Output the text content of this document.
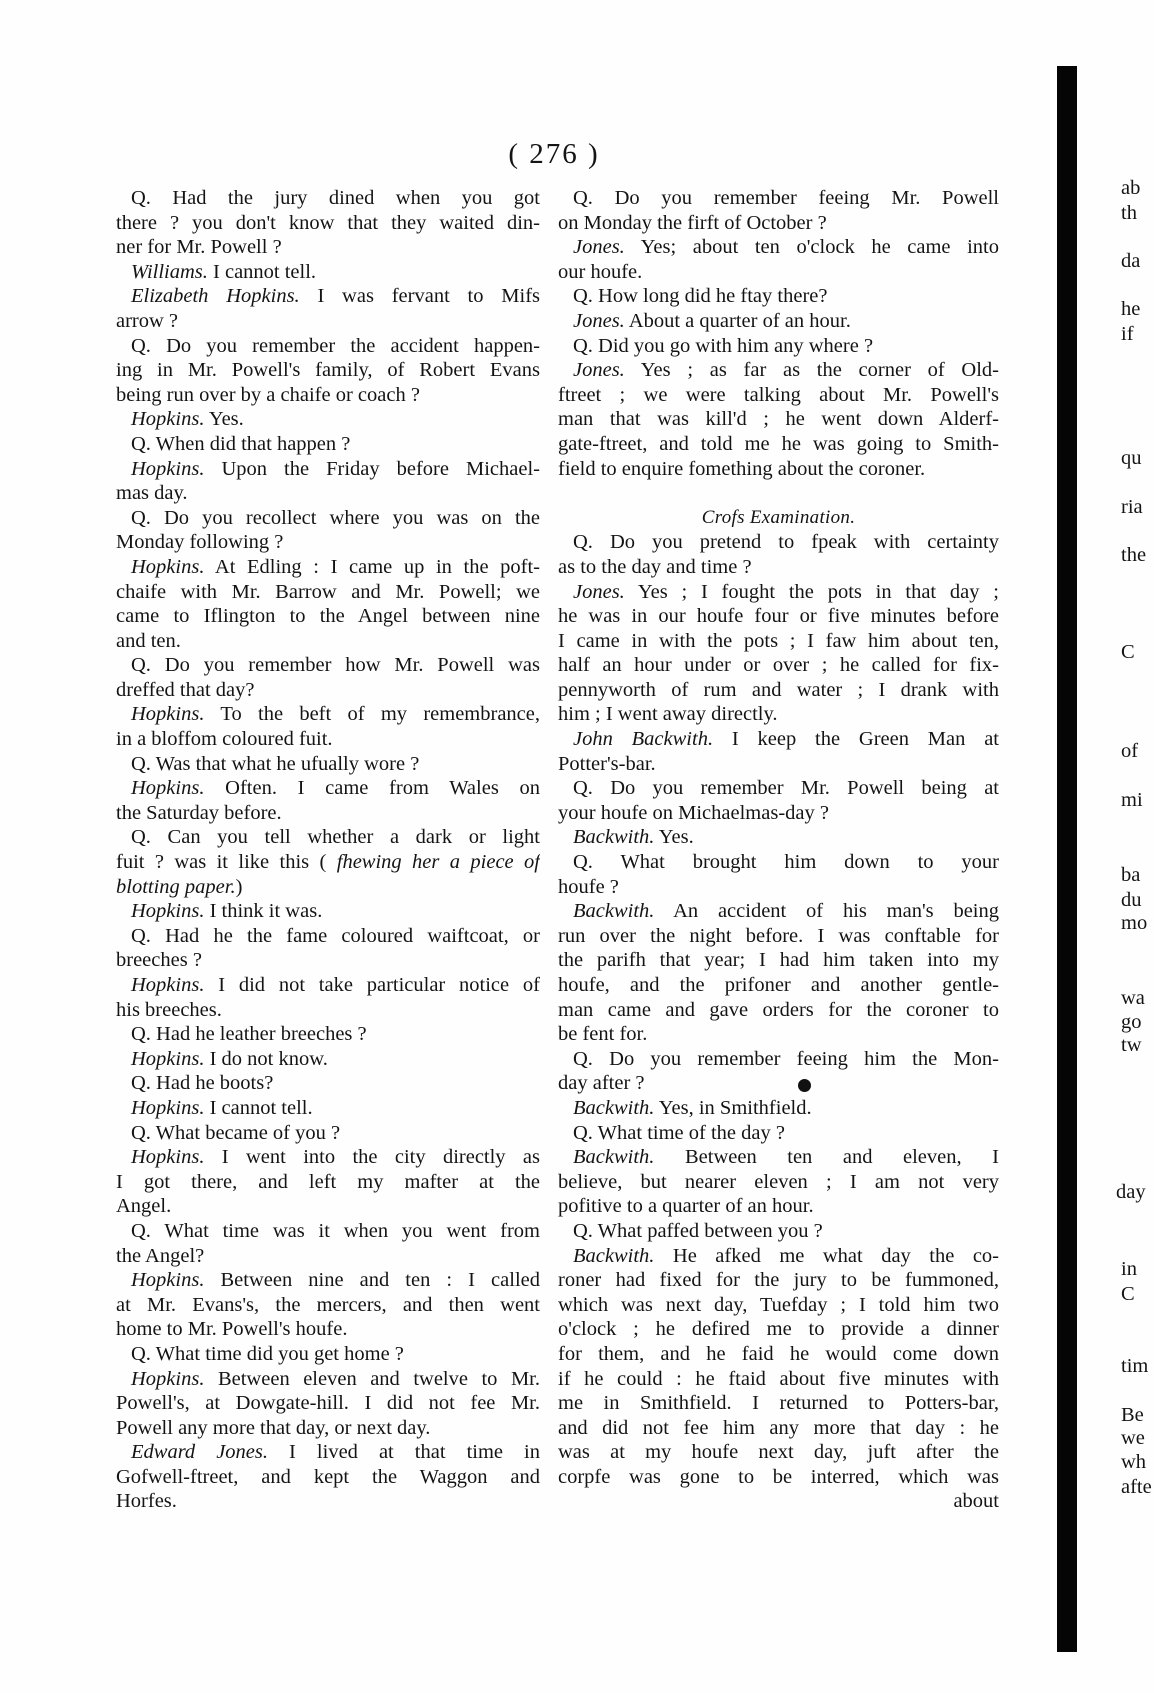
( 276 )
Q. Had the jury dined when you got
there ? you don't know that they waited din-
ner for Mr. Powell ?
Williams. I cannot tell.
Elizabeth Hopkins. I was fervant to Mifs
arrow ?
Q. Do you remember the accident happen-
ing in Mr. Powell's family, of Robert Evans
being run over by a chaife or coach ?
Hopkins. Yes.
Q. When did that happen ?
Hopkins. Upon the Friday before Michael-
mas day.
Q. Do you recollect where you was on the
Monday following ?
Hopkins. At Edling : I came up in the poft-
chaife with Mr. Barrow and Mr. Powell; we
came to Iflington to the Angel between nine
and ten.
Q. Do you remember how Mr. Powell was
dreffed that day?
Hopkins. To the beft of my remembrance,
in a bloffom coloured fuit.
Q. Was that what he ufually wore ?
Hopkins. Often. I came from Wales on
the Saturday before.
Q. Can you tell whether a dark or light
fuit ? was it like this ( fhewing her a piece of
blotting paper.)
Hopkins. I think it was.
Q. Had he the fame coloured waiftcoat, or
breeches ?
Hopkins. I did not take particular notice of
his breeches.
Q. Had he leather breeches ?
Hopkins. I do not know.
Q. Had he boots?
Hopkins. I cannot tell.
Q. What became of you ?
Hopkins. I went into the city directly as
I got there, and left my mafter at the
Angel.
Q. What time was it when you went from
the Angel?
Hopkins. Between nine and ten : I called
at Mr. Evans's, the mercers, and then went
home to Mr. Powell's houfe.
Q. What time did you get home ?
Hopkins. Between eleven and twelve to Mr.
Powell's, at Dowgate-hill. I did not fee Mr.
Powell any more that day, or next day.
Edward Jones. I lived at that time in
Gofwell-ftreet, and kept the Waggon and
Horfes.
Q. Do you remember feeing Mr. Powell
on Monday the firft of October ?
Jones. Yes; about ten o'clock he came into
our houfe.
Q. How long did he ftay there?
Jones. About a quarter of an hour.
Q. Did you go with him any where ?
Jones. Yes ; as far as the corner of Old-
ftreet ; we were talking about Mr. Powell's
man that was kill'd ; he went down Alderf-
gate-ftreet, and told me he was going to Smith-
field to enquire fomething about the coroner.
Crofs Examination.
Q. Do you pretend to fpeak with certainty
as to the day and time ?
Jones. Yes ; I fought the pots in that day ;
he was in our houfe four or five minutes before
I came in with the pots ; I faw him about ten,
half an hour under or over ; he called for fix-
pennyworth of rum and water ; I drank with
him ; I went away directly.
John Backwith. I keep the Green Man at
Potter's-bar.
Q. Do you remember Mr. Powell being at
your houfe on Michaelmas-day ?
Backwith. Yes.
Q. What brought him down to your
houfe ?
Backwith. An accident of his man's being
run over the night before. I was conftable for
the parifh that year; I had him taken into my
houfe, and the prifoner and another gentle-
man came and gave orders for the coroner to
be fent for.
Q. Do you remember feeing him the Mon-
day after ?
Backwith. Yes, in Smithfield.
Q. What time of the day ?
Backwith. Between ten and eleven, I
believe, but nearer eleven ; I am not very
pofitive to a quarter of an hour.
Q. What paffed between you ?
Backwith. He afked me what day the co-
roner had fixed for the jury to be fummoned,
which was next day, Tuefday ; I told him two
o'clock ; he defired me to provide a dinner
for them, and he faid he would come down
if he could : he ftaid about five minutes with
me in Smithfield. I returned to Potters-bar,
and did not fee him any more that day : he
was at my houfe next day, juft after the
corpfe was gone to be interred, which was
about
ab
th
da
he
if
qu
ria
the
C
of
mi
ba
du
mo
wa
go
tw
day
in
C
tim
Be
we
wh
afte
